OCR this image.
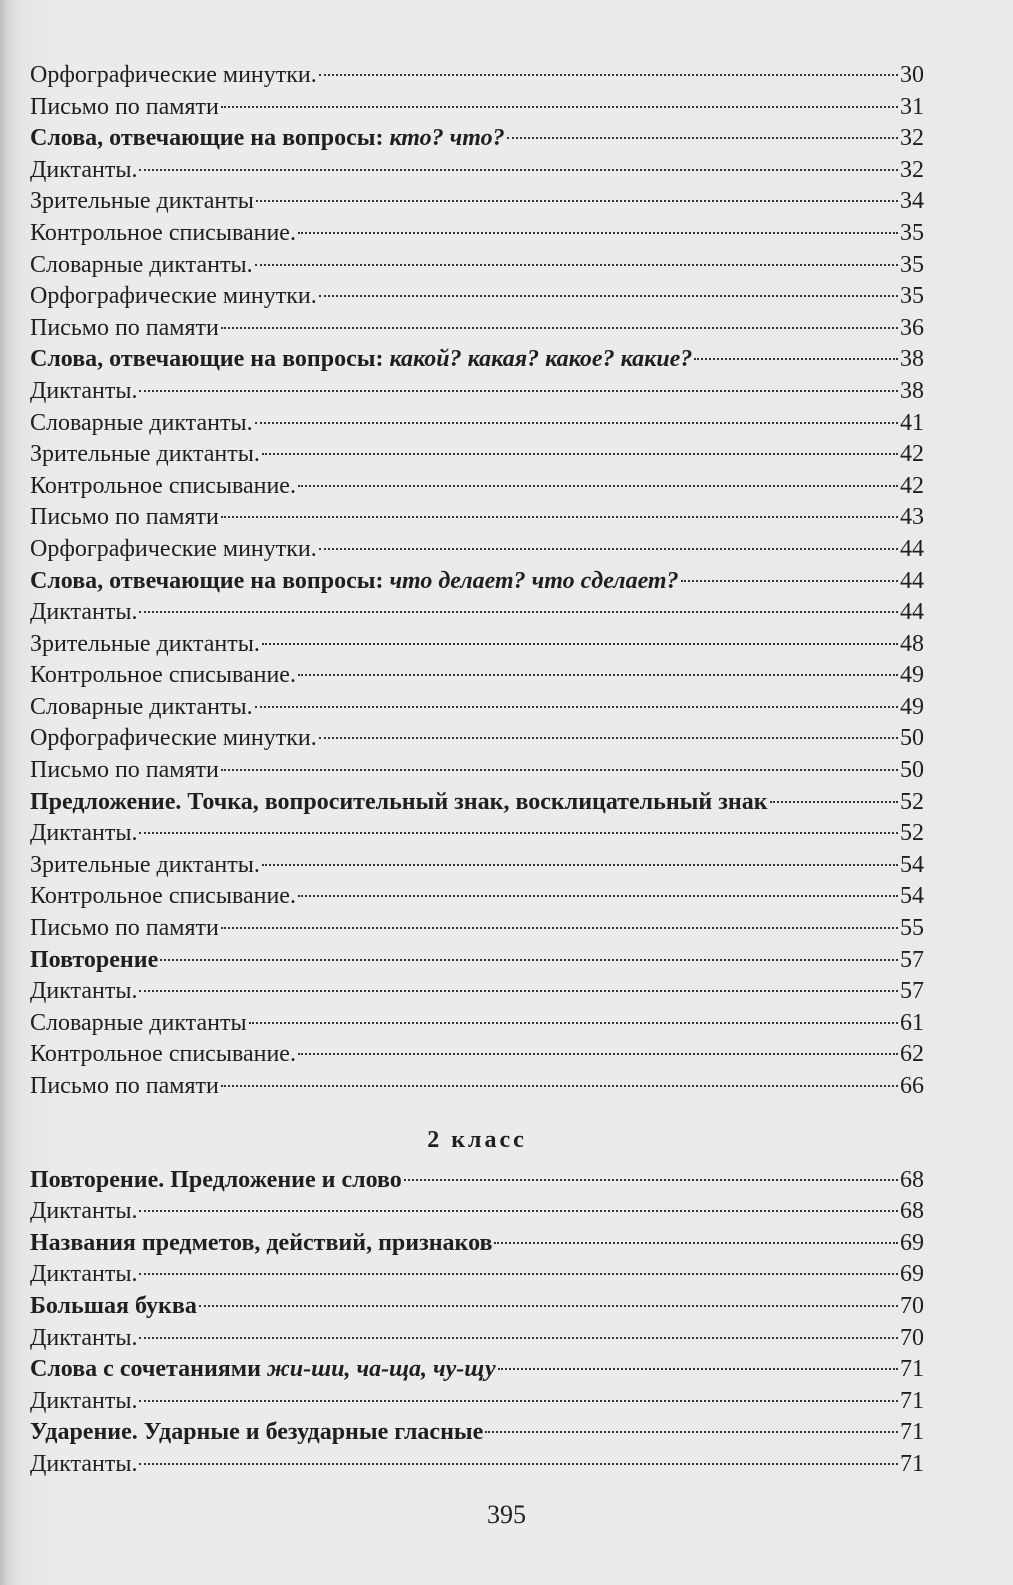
Орфографические минутки.	30
Письмо по памяти	31
Слова, отвечающие на вопросы: кто? что?	32
Диктанты.	32
Зрительные диктанты	34
Контрольное списывание.	35
Словарные диктанты.	35
Орфографические минутки.	35
Письмо по памяти	36
Слова, отвечающие на вопросы: какой? какая? какое? какие?	38
Диктанты.	38
Словарные диктанты.	41
Зрительные диктанты.	42
Контрольное списывание.	42
Письмо по памяти	43
Орфографические минутки.	44
Слова, отвечающие на вопросы: что делает? что сделает?	44
Диктанты.	44
Зрительные диктанты.	48
Контрольное списывание.	49
Словарные диктанты.	49
Орфографические минутки.	50
Письмо по памяти	50
Предложение. Точка, вопросительный знак, восклицательный знак	52
Диктанты.	52
Зрительные диктанты.	54
Контрольное списывание.	54
Письмо по памяти	55
Повторение	57
Диктанты.	57
Словарные диктанты	61
Контрольное списывание.	62
Письмо по памяти	66
2 класс
Повторение. Предложение и слово	68
Диктанты.	68
Названия предметов, действий, признаков	69
Диктанты.	69
Большая буква	70
Диктанты.	70
Слова с сочетаниями жи-ши, ча-ща, чу-щу	71
Диктанты.	71
Ударение. Ударные и безударные гласные	71
Диктанты.	71
395
